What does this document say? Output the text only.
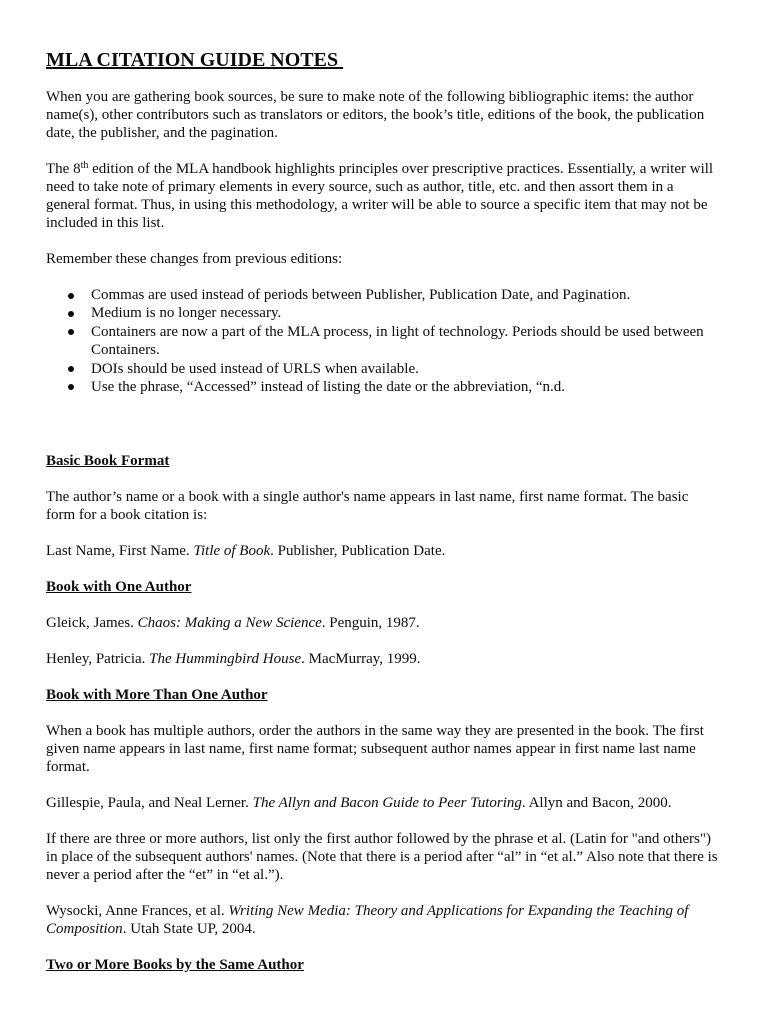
MLA CITATION GUIDE NOTES
When you are gathering book sources, be sure to make note of the following bibliographic items: the author
name(s), other contributors such as translators or editors, the book’s title, editions of the book, the publication
date, the publisher, and the pagination.
The 8th edition of the MLA handbook highlights principles over prescriptive practices. Essentially, a writer will
need to take note of primary elements in every source, such as author, title, etc. and then assort them in a
general format. Thus, in using this methodology, a writer will be able to source a specific item that may not be
included in this list.
Remember these changes from previous editions:
Commas are used instead of periods between Publisher, Publication Date, and Pagination.
Medium is no longer necessary.
Containers are now a part of the MLA process, in light of technology. Periods should be used between
Containers.
DOIs should be used instead of URLS when available.
Use the phrase, “Accessed” instead of listing the date or the abbreviation, “n.d.
Basic Book Format
The author’s name or a book with a single author's name appears in last name, first name format. The basic
form for a book citation is:
Last Name, First Name. Title of Book. Publisher, Publication Date.
Book with One Author
Gleick, James. Chaos: Making a New Science. Penguin, 1987.
Henley, Patricia. The Hummingbird House. MacMurray, 1999.
Book with More Than One Author
When a book has multiple authors, order the authors in the same way they are presented in the book. The first
given name appears in last name, first name format; subsequent author names appear in first name last name
format.
Gillespie, Paula, and Neal Lerner. The Allyn and Bacon Guide to Peer Tutoring. Allyn and Bacon, 2000.
If there are three or more authors, list only the first author followed by the phrase et al. (Latin for "and others")
in place of the subsequent authors' names. (Note that there is a period after “al” in “et al.” Also note that there is
never a period after the “et” in “et al.”).
Wysocki, Anne Frances, et al. Writing New Media: Theory and Applications for Expanding the Teaching of
Composition. Utah State UP, 2004.
Two or More Books by the Same Author
